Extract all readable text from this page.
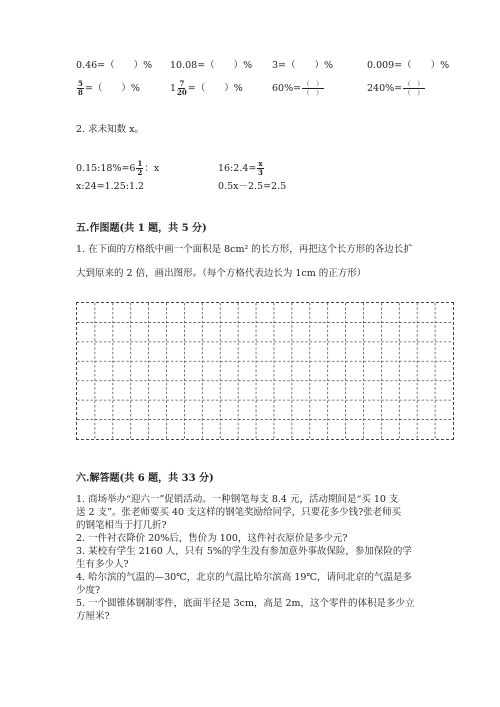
0.46=（　　）% 10.08=（　　）% 3=（　　）%	0.009=（　　）%
$\frac{5}{8}$ =（　　）%	$1 \frac{7}{20}$ =（　　）%	$60\%= \frac{( )}{( )}$	$240\%= \frac{( )}{( )}$
2. 求未知数 x。
0.15:18%=6 $\frac{1}{2}$ ：x	16:2.4= $\frac{x}{3}$
x:24=1.25:1.2	0.5x－2.5=2.5
五.作图题(共 1 题，共 5 分)
1. 在下面的方格纸中画一个面积是 8cm² 的长方形，再把这个长方形的各边长扩
大到原来的 2 倍，画出图形。（每个方格代表边长为 1cm 的正方形）
六.解答题(共 6 题，共 33 分)
1. 商场举办“迎六一”促销活动。一种钢笔每支 8.4 元，活动期间是“买 10 支
送 2 支”。张老师要买 40 支这样的钢笔奖励给同学，只要花多少钱?张老师买
的钢笔相当于打几折?
2. 一件衬衣降价 20%后，售价为 100，这件衬衣原价是多少元?
3. 某校有学生 2160 人，只有 5%的学生没有参加意外事故保险，参加保险的学
生有多少人?
4. 哈尔滨的气温的—30℃，北京的气温比哈尔滨高 19℃，请问北京的气温是多
少度?
5. 一个圆锥体钢制零件，底面半径是 3cm，高是 2m，这个零件的体积是多少立
方厘米?
